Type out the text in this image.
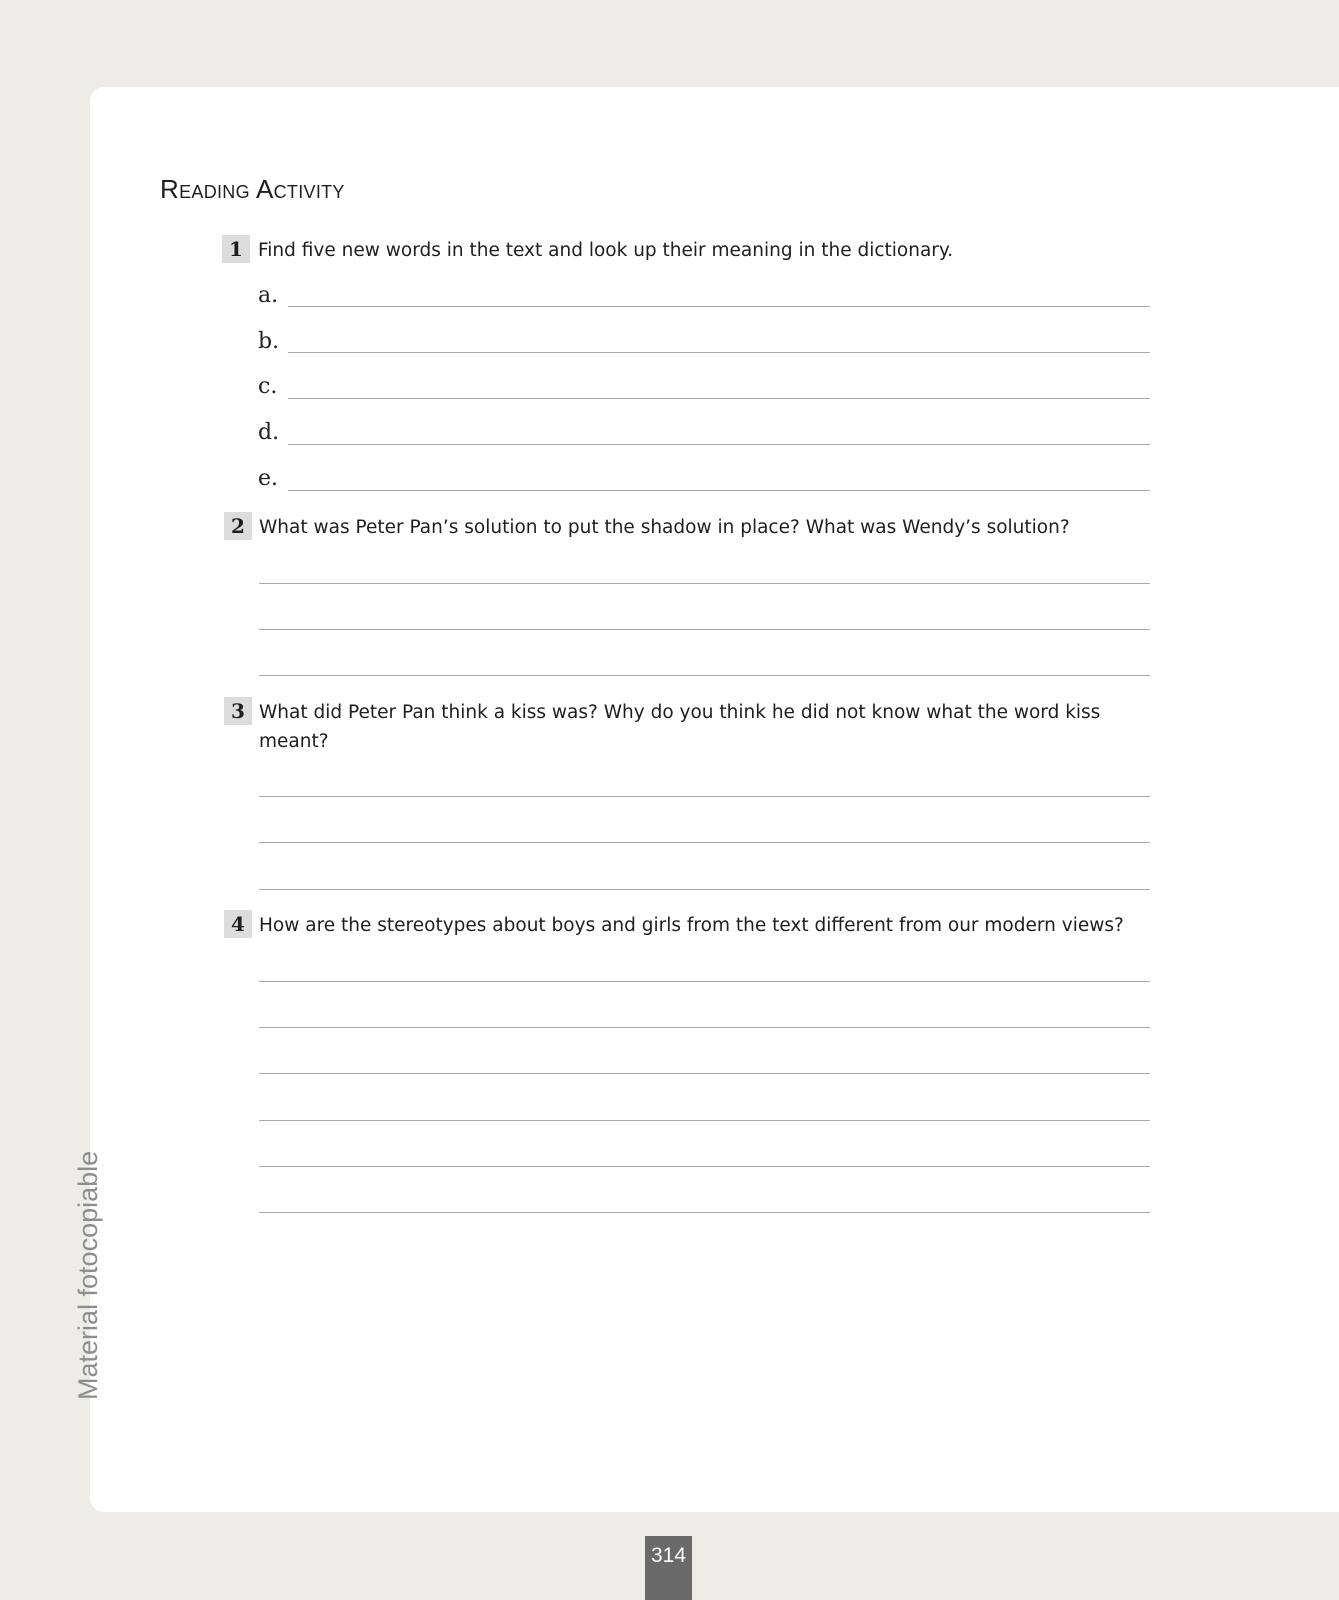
Reading Activity
1 Find five new words in the text and look up their meaning in the dictionary.

a.
b.
c.
d.
e.
2 What was Peter Pan’s solution to put the shadow in place? What was Wendy’s solution?

3 What did Peter Pan think a kiss was? Why do you think he did not know what the word kiss meant?

4 How are the stereotypes about boys and girls from the text different from our modern views?

Material fotocopiable
314
